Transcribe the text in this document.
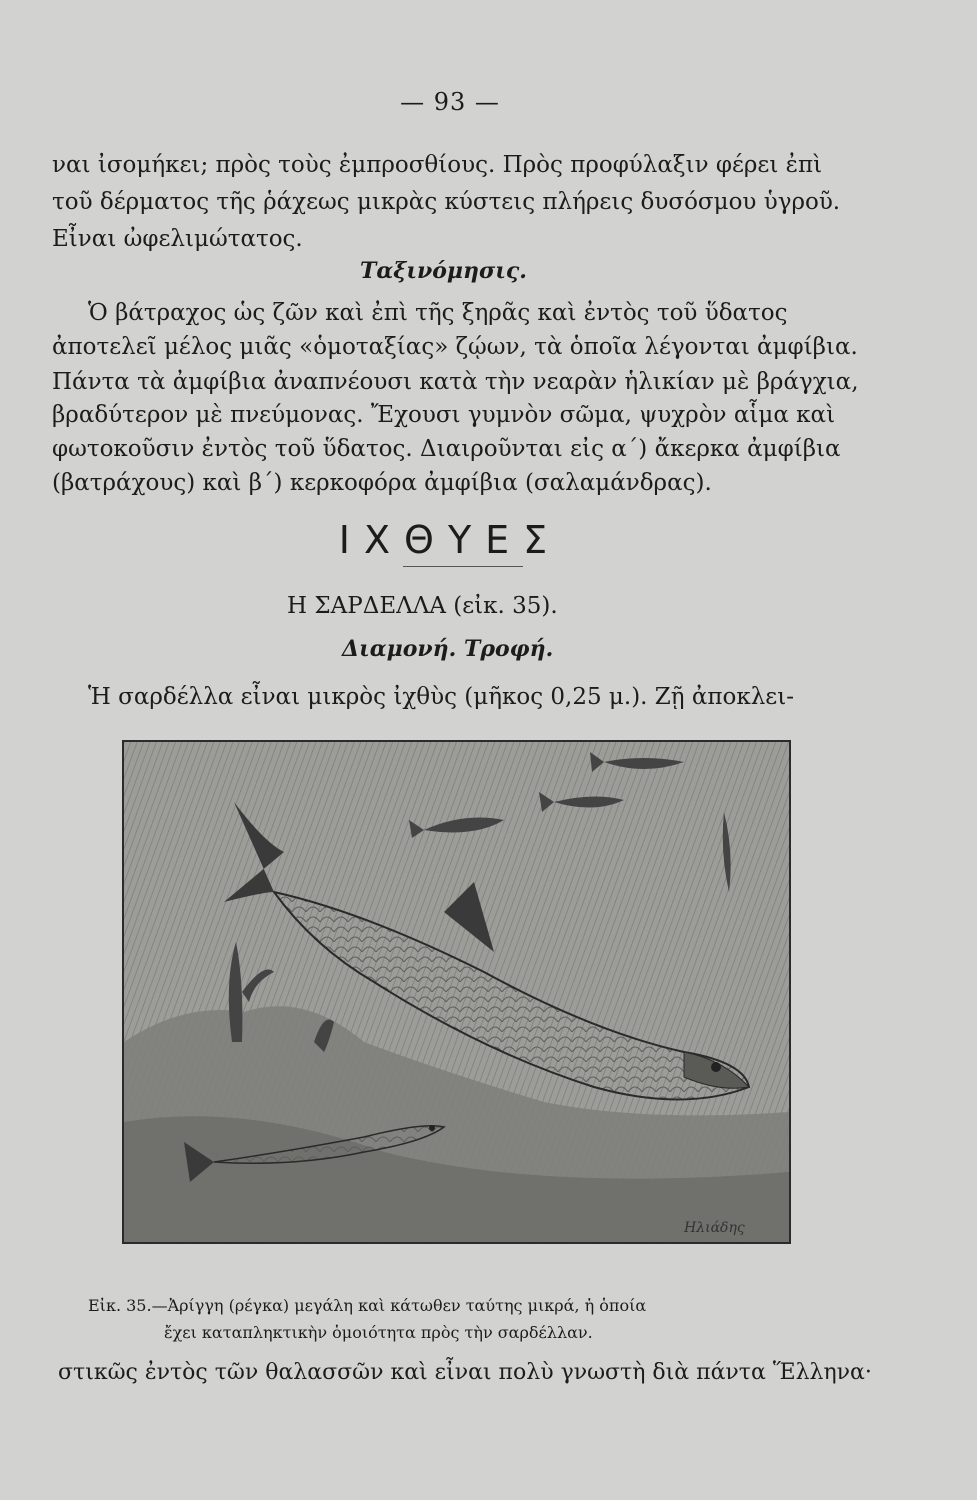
— 93 —
ναι ἰσομήκει; πρὸς τοὺς ἐμπροσθίους. Πρὸς προφύλαξιν φέρει ἐπὶ
τοῦ δέρματος τῆς ῥάχεως μικρὰς κύστεις πλήρεις δυσόσμου ὑγροῦ.
Εἶναι ὠφελιμώτατος.
Ταξινόμησις.
Ὁ βάτραχος ὡς ζῶν καὶ ἐπὶ τῆς ξηρᾶς καὶ ἐντὸς τοῦ ὕδατος
ἀποτελεῖ μέλος μιᾶς «ὁμοταξίας» ζῴων, τὰ ὁποῖα λέγονται ἀμφίβια.
Πάντα τὰ ἀμφίβια ἀναπνέουσι κατὰ τὴν νεαρὰν ἡλικίαν μὲ βράγχια,
βραδύτερον μὲ πνεύμονας. Ἔχουσι γυμνὸν σῶμα, ψυχρὸν αἷμα καὶ
φωτοκοῦσιν ἐντὸς τοῦ ὕδατος. Διαιροῦνται εἰς α΄) ἄκερκα ἀμφίβια
(βατράχους) καὶ β΄) κερκοφόρα ἀμφίβια (σαλαμάνδρας).
ΙΧΘΥΕΣ
Η ΣΑΡΔΕΛΛΑ (εἰκ. 35).
Διαμονή. Τροφή.
Ἡ σαρδέλλα εἶναι μικρὸς ἰχθὺς (μῆκος 0,25 μ.). Ζῇ ἀποκλει-
Ηλιάδης
Εἰκ. 35.—Ἀρίγγη (ρέγκα) μεγάλη καὶ κάτωθεν ταύτης μικρά, ἡ ὁποία
ἔχει καταπληκτικὴν ὁμοιότητα πρὸς τὴν σαρδέλλαν.
στικῶς ἐντὸς τῶν θαλασσῶν καὶ εἶναι πολὺ γνωστὴ διὰ πάντα Ἕλληνα·
